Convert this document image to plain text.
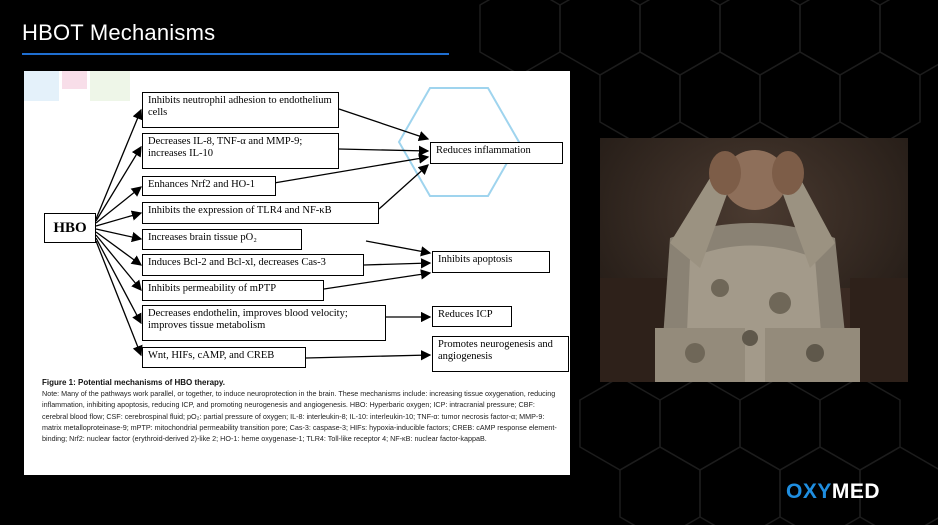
HBOT Mechanisms
HBO
Inhibits neutrophil adhesion to endothelium cells
Decreases IL-8, TNF-α and MMP-9; increases IL-10
Enhances Nrf2 and HO-1
Inhibits the expression of TLR4 and NF-κB
Increases brain tissue pO₂
Induces Bcl-2 and Bcl-xl, decreases Cas-3
Inhibits permeability of mPTP
Decreases endothelin, improves blood velocity; improves tissue metabolism
Wnt, HIFs, cAMP, and CREB
Reduces inflammation
Inhibits apoptosis
Reduces ICP
Promotes neurogenesis and angiogenesis
Figure 1: Potential mechanisms of HBO therapy.
Note: Many of the pathways work parallel, or together, to induce neuroprotection in the brain. These mechanisms include: increasing tissue oxygenation, reducing inflammation, inhibiting apoptosis, reducing ICP, and promoting neurogenesis and angiogenesis. HBO: Hyperbaric oxygen; ICP: intracranial pressure; CBF: cerebral blood flow; CSF: cerebrospinal fluid; pO₂: partial pressure of oxygen; IL-8: interleukin-8; IL-10: interleukin-10; TNF-α: tumor necrosis factor-α; MMP-9: matrix metalloproteinase-9; mPTP: mitochondrial permeability transition pore; Cas-3: caspase-3; HIFs: hypoxia-inducible factors; CREB: cAMP response element-binding; Nrf2: nuclear factor (erythroid-derived 2)-like 2; HO-1: heme oxygenase-1; TLR4: Toll-like receptor 4; NF-κB: nuclear factor-kappaB.
OXYMED
